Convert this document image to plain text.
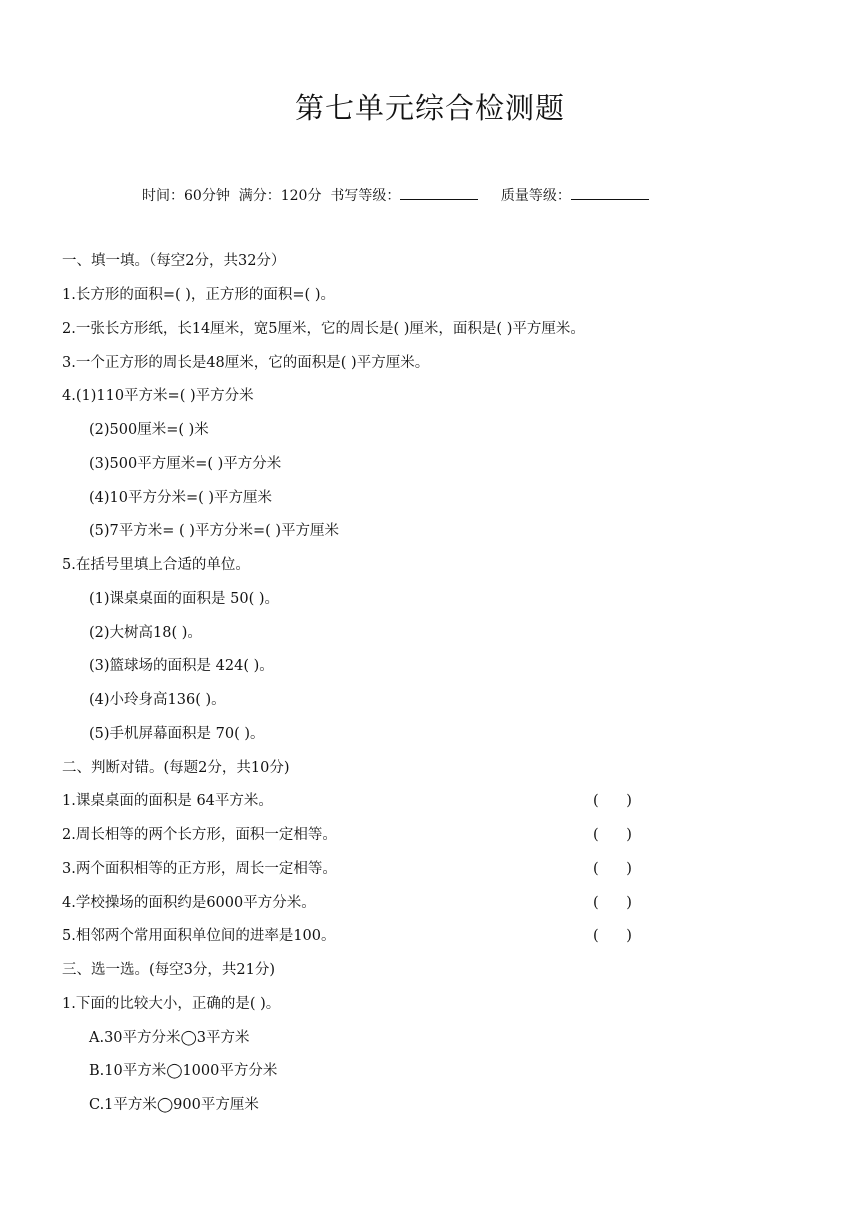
第七单元综合检测题
时间：60分钟 满分：120分 书写等级：	质量等级：
一、填一填。（每空2分，共32分）
1.长方形的面积=( )，正方形的面积=( )。
2.一张长方形纸，长14厘米，宽5厘米，它的周长是( )厘米，面积是( )平方厘米。
3.一个正方形的周长是48厘米，它的面积是( )平方厘米。
4.(1)110平方米=( )平方分米
(2)500厘米=( )米
(3)500平方厘米=( )平方分米
(4)10平方分米=( )平方厘米
(5)7平方米= ( )平方分米=( )平方厘米
5.在括号里填上合适的单位。
(1)课桌桌面的面积是 50( )。
(2)大树高18( )。
(3)篮球场的面积是 424( )。
(4)小玲身高136( )。
(5)手机屏幕面积是 70( )。
二、判断对错。(每题2分，共10分)
1.课桌桌面的面积是 64平方米。	(      )
2.周长相等的两个长方形，面积一定相等。	(      )
3.两个面积相等的正方形，周长一定相等。	(      )
4.学校操场的面积约是6000平方分米。	(      )
5.相邻两个常用面积单位间的进率是100。	(      )
三、选一选。(每空3分，共21分)
1.下面的比较大小，正确的是( )。
A.30平方分米◯3平方米
B.10平方米◯1000平方分米
C.1平方米◯900平方厘米
